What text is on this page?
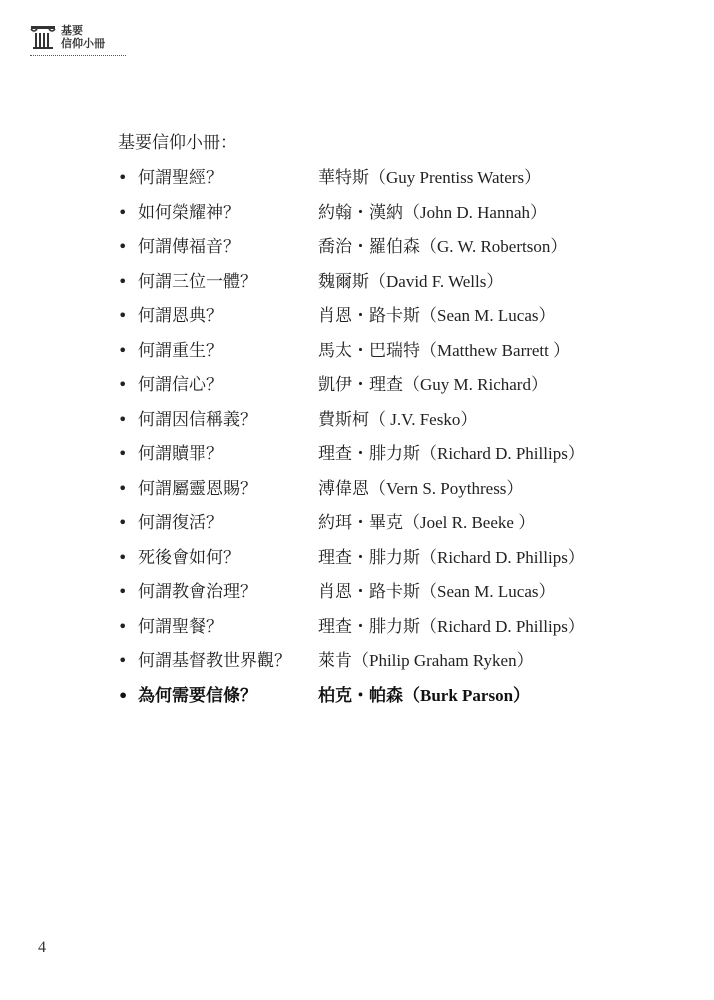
基要
信仰小冊
基要信仰小冊：
• 何謂聖經？	華特斯（Guy Prentiss Waters）
• 如何榮耀神？	約翰・漢納（John D. Hannah）
• 何謂傳福音？	喬治・羅伯森（G. W. Robertson）
• 何謂三位一體？	魏爾斯（David F. Wells）
• 何謂恩典？	肖恩・路卡斯（Sean M. Lucas）
• 何謂重生？	馬太・巴瑞特（Matthew Barrett ）
• 何謂信心？	凱伊・理查（Guy M. Richard）
• 何謂因信稱義？	費斯柯（ J.V. Fesko）
• 何謂贖罪？	理查・腓力斯（Richard D. Phillips）
• 何謂屬靈恩賜？	溥偉恩（Vern S. Poythress）
• 何謂復活？	約珥・畢克（Joel R. Beeke ）
• 死後會如何？	理查・腓力斯（Richard D. Phillips）
• 何謂教會治理？	肖恩・路卡斯（Sean M. Lucas）
• 何謂聖餐？	理查・腓力斯（Richard D. Phillips）
• 何謂基督教世界觀？ 萊肯（Philip Graham Ryken）
• 為何需要信條？	柏克・帕森（Burk Parson）
4
